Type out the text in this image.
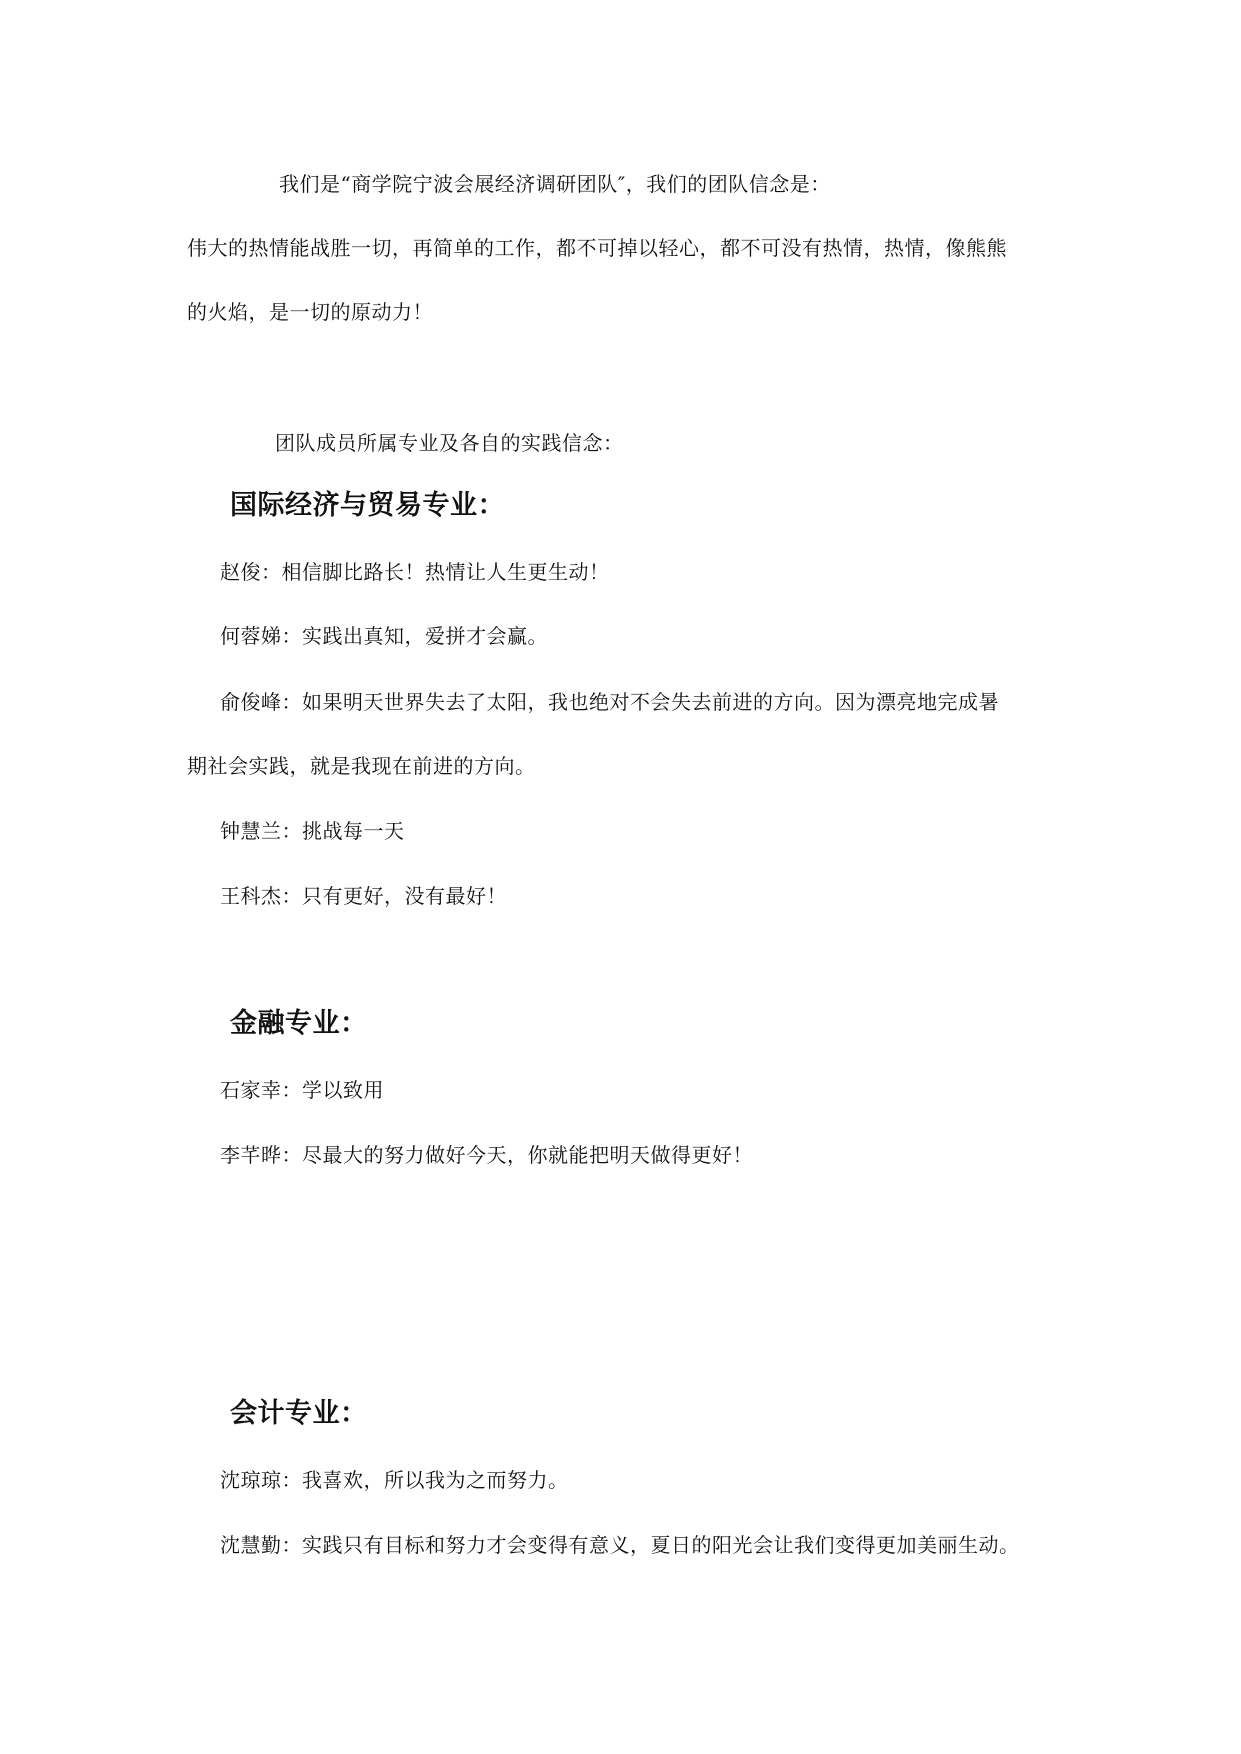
我们是“商学院宁波会展经济调研团队″，我们的团队信念是：
伟大的热情能战胜一切，再简单的工作，都不可掉以轻心，都不可没有热情，热情，像熊熊
的火焰，是一切的原动力！
团队成员所属专业及各自的实践信念：
国际经济与贸易专业：
赵俊：相信脚比路长！热情让人生更生动！
何蓉娣：实践出真知，爱拼才会赢。
俞俊峰：如果明天世界失去了太阳，我也绝对不会失去前进的方向。因为漂亮地完成暑
期社会实践，就是我现在前进的方向。
钟慧兰：挑战每一天
王科杰：只有更好，没有最好！
金融专业：
石家幸：学以致用
李芊晔：尽最大的努力做好今天，你就能把明天做得更好！
会计专业：
沈琼琼：我喜欢，所以我为之而努力。
沈慧勤：实践只有目标和努力才会变得有意义，夏日的阳光会让我们变得更加美丽生动。
